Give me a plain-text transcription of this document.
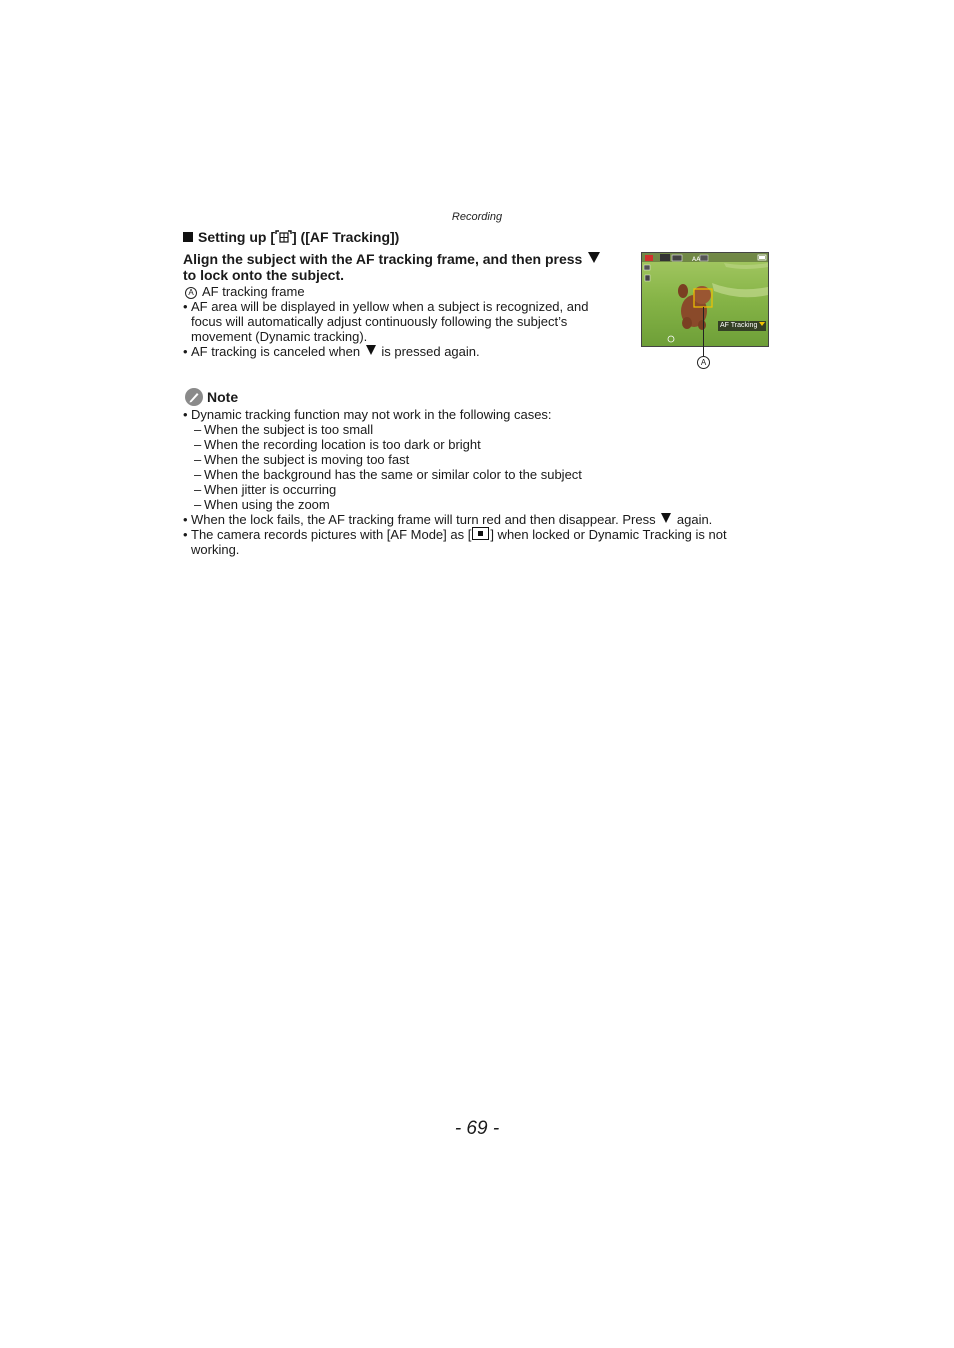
Recording
Setting up [ ] ([AF Tracking])
Align the subject with the AF tracking frame, and then press
to lock onto the subject.
A AF tracking frame
• AF area will be displayed in yellow when a subject is recognized, and focus will automatically adjust continuously following the subject’s movement (Dynamic tracking).
• AF tracking is canceled when is pressed again.
AA
AF Tracking
A
Note
• Dynamic tracking function may not work in the following cases:
– When the subject is too small
– When the recording location is too dark or bright
– When the subject is moving too fast
– When the background has the same or similar color to the subject
– When jitter is occurring
– When using the zoom
• When the lock fails, the AF tracking frame will turn red and then disappear. Press again.
• The camera records pictures with [AF Mode] as [ ] when locked or Dynamic Tracking is not working.
- 69 -
